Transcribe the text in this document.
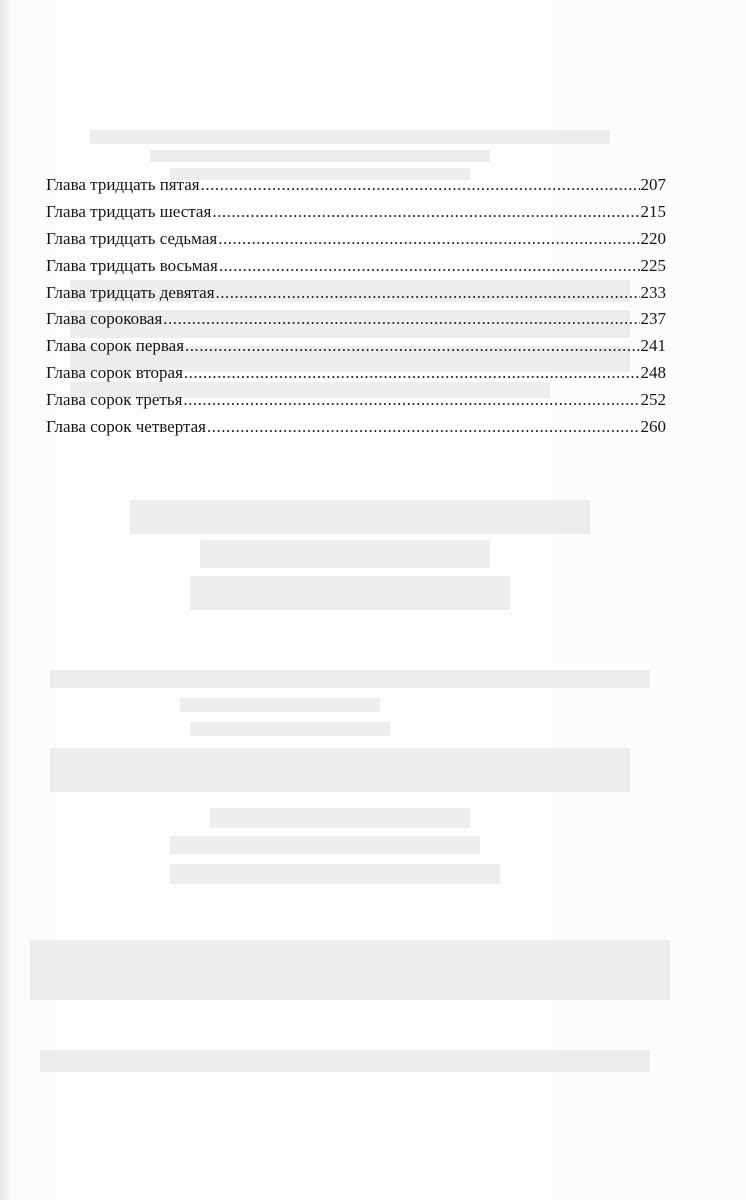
Глава тридцать пятая .....	207
Глава тридцать шестая .....	215
Глава тридцать седьмая .....	220
Глава тридцать восьмая .....	225
Глава тридцать девятая .....	233
Глава сороковая .....	237
Глава сорок первая .....	241
Глава сорок вторая .....	248
Глава сорок третья .....	252
Глава сорок четвертая .....	260
